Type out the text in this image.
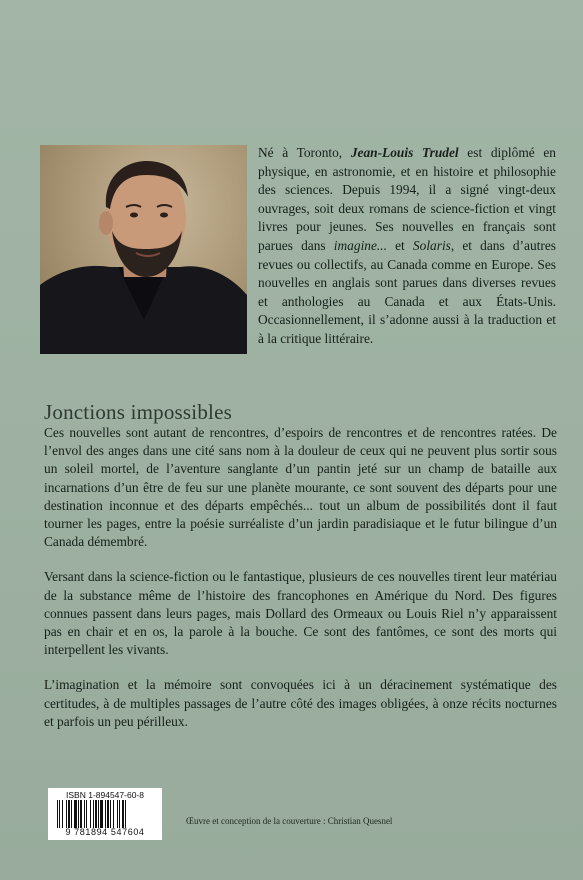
Né à Toronto, Jean-Louis Trudel est diplômé en physique, en astronomie, et en histoire et philosophie des sciences. Depuis 1994, il a signé vingt-deux ouvrages, soit deux romans de science-fiction et vingt livres pour jeunes. Ses nouvelles en français sont parues dans imagine... et Solaris, et dans d’autres revues ou collectifs, au Canada comme en Europe. Ses nouvelles en anglais sont parues dans diverses revues et anthologies au Canada et aux États-Unis. Occasionnellement, il s’adonne aussi à la traduction et à la critique littéraire.

Jonctions impossibles

Ces nouvelles sont autant de rencontres, d’espoirs de rencontres et de rencontres ratées. De l’envol des anges dans une cité sans nom à la douleur de ceux qui ne peuvent plus sortir sous un soleil mortel, de l’aventure sanglante d’un pantin jeté sur un champ de bataille aux incarnations d’un être de feu sur une planète mourante, ce sont souvent des départs pour une destination inconnue et des départs empêchés... tout un album de possibilités dont il faut tourner les pages, entre la poésie surréaliste d’un jardin paradisiaque et le futur bilingue d’un Canada démembré.

Versant dans la science-fiction ou le fantastique, plusieurs de ces nouvelles tirent leur matériau de la substance même de l’histoire des francophones en Amérique du Nord. Des figures connues passent dans leurs pages, mais Dollard des Ormeaux ou Louis Riel n’y apparaissent pas en chair et en os, la parole à la bouche. Ce sont des fantômes, ce sont des morts qui interpellent les vivants.

L’imagination et la mémoire sont convoquées ici à un déracinement systématique des certitudes, à de multiples passages de l’autre côté des images obligées, à onze récits nocturnes et parfois un peu périlleux.

ISBN 1-894547-60-8
9 781894 547604
Œuvre et conception de la couverture : Christian Quesnel
